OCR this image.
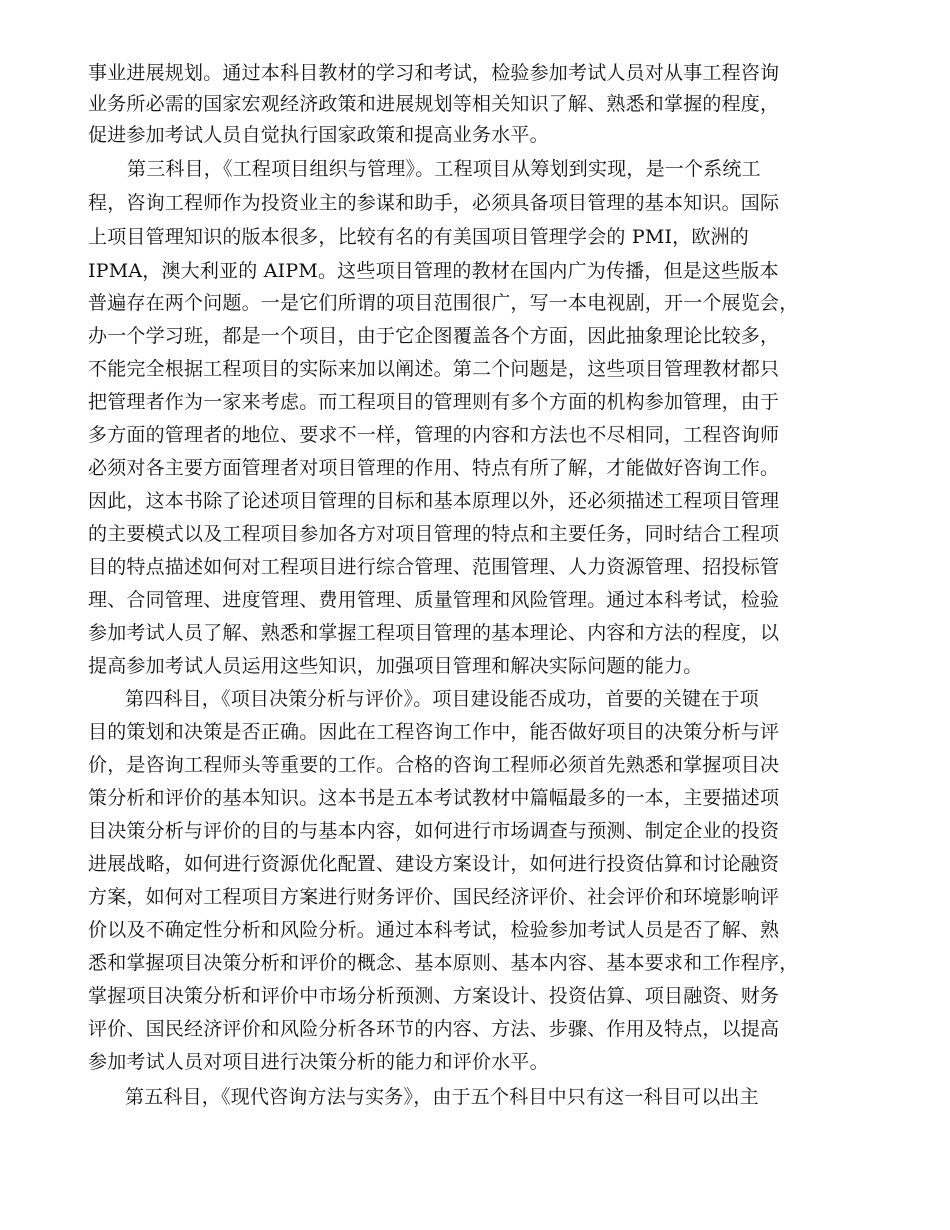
事业进展规划。通过本科目教材的学习和考试，检验参加考试人员对从事工程咨询
业务所必需的国家宏观经济政策和进展规划等相关知识了解、熟悉和掌握的程度，
促进参加考试人员自觉执行国家政策和提高业务水平。
第三科目，《工程项目组织与管理》。工程项目从筹划到实现，是一个系统工
程，咨询工程师作为投资业主的参谋和助手，必须具备项目管理的基本知识。国际
上项目管理知识的版本很多，比较有名的有美国项目管理学会的 PMI，欧洲的
IPMA，澳大利亚的 AIPM。这些项目管理的教材在国内广为传播，但是这些版本
普遍存在两个问题。一是它们所谓的项目范围很广，写一本电视剧，开一个展览会，
办一个学习班，都是一个项目，由于它企图覆盖各个方面，因此抽象理论比较多，
不能完全根据工程项目的实际来加以阐述。第二个问题是，这些项目管理教材都只
把管理者作为一家来考虑。而工程项目的管理则有多个方面的机构参加管理，由于
多方面的管理者的地位、要求不一样，管理的内容和方法也不尽相同，工程咨询师
必须对各主要方面管理者对项目管理的作用、特点有所了解，才能做好咨询工作。
因此，这本书除了论述项目管理的目标和基本原理以外，还必须描述工程项目管理
的主要模式以及工程项目参加各方对项目管理的特点和主要任务，同时结合工程项
目的特点描述如何对工程项目进行综合管理、范围管理、人力资源管理、招投标管
理、合同管理、进度管理、费用管理、质量管理和风险管理。通过本科考试，检验
参加考试人员了解、熟悉和掌握工程项目管理的基本理论、内容和方法的程度，以
提高参加考试人员运用这些知识，加强项目管理和解决实际问题的能力。
第四科目，《项目决策分析与评价》。项目建设能否成功，首要的关键在于项
目的策划和决策是否正确。因此在工程咨询工作中，能否做好项目的决策分析与评
价，是咨询工程师头等重要的工作。合格的咨询工程师必须首先熟悉和掌握项目决
策分析和评价的基本知识。这本书是五本考试教材中篇幅最多的一本，主要描述项
目决策分析与评价的目的与基本内容，如何进行市场调查与预测、制定企业的投资
进展战略，如何进行资源优化配置、建设方案设计，如何进行投资估算和讨论融资
方案，如何对工程项目方案进行财务评价、国民经济评价、社会评价和环境影响评
价以及不确定性分析和风险分析。通过本科考试，检验参加考试人员是否了解、熟
悉和掌握项目决策分析和评价的概念、基本原则、基本内容、基本要求和工作程序，
掌握项目决策分析和评价中市场分析预测、方案设计、投资估算、项目融资、财务
评价、国民经济评价和风险分析各环节的内容、方法、步骤、作用及特点，以提高
参加考试人员对项目进行决策分析的能力和评价水平。
第五科目，《现代咨询方法与实务》，由于五个科目中只有这一科目可以出主
